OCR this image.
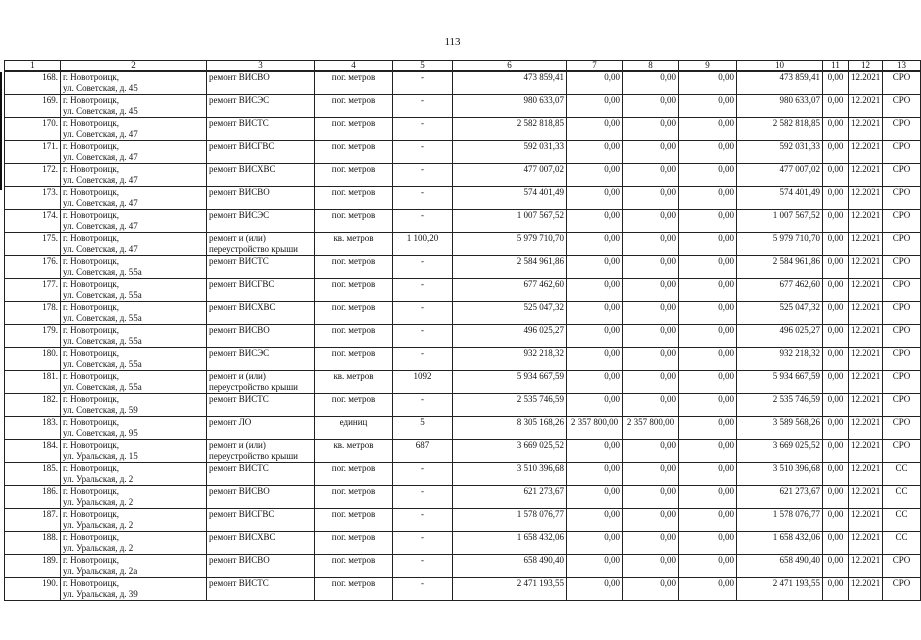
113
1	2	3	4	5	6	7	8	9	10	11	12	13
168.	г. Новотроицк,
ул. Советская, д. 45	ремонт ВИСВО	пог. метров	-	473 859,41	0,00	0,00	0,00	473 859,41	0,00	12.2021	СРО
169.	г. Новотроицк,
ул. Советская, д. 45	ремонт ВИСЭС	пог. метров	-	980 633,07	0,00	0,00	0,00	980 633,07	0,00	12.2021	СРО
170.	г. Новотроицк,
ул. Советская, д. 47	ремонт ВИСТС	пог. метров	-	2 582 818,85	0,00	0,00	0,00	2 582 818,85	0,00	12.2021	СРО
171.	г. Новотроицк,
ул. Советская, д. 47	ремонт ВИСГВС	пог. метров	-	592 031,33	0,00	0,00	0,00	592 031,33	0,00	12.2021	СРО
172.	г. Новотроицк,
ул. Советская, д. 47	ремонт ВИСХВС	пог. метров	-	477 007,02	0,00	0,00	0,00	477 007,02	0,00	12.2021	СРО
173.	г. Новотроицк,
ул. Советская, д. 47	ремонт ВИСВО	пог. метров	-	574 401,49	0,00	0,00	0,00	574 401,49	0,00	12.2021	СРО
174.	г. Новотроицк,
ул. Советская, д. 47	ремонт ВИСЭС	пог. метров	-	1 007 567,52	0,00	0,00	0,00	1 007 567,52	0,00	12.2021	СРО
175.	г. Новотроицк,
ул. Советская, д. 47	ремонт и (или)
переустройство крыши	кв. метров	1 100,20	5 979 710,70	0,00	0,00	0,00	5 979 710,70	0,00	12.2021	СРО
176.	г. Новотроицк,
ул. Советская, д. 55а	ремонт ВИСТС	пог. метров	-	2 584 961,86	0,00	0,00	0,00	2 584 961,86	0,00	12.2021	СРО
177.	г. Новотроицк,
ул. Советская, д. 55а	ремонт ВИСГВС	пог. метров	-	677 462,60	0,00	0,00	0,00	677 462,60	0,00	12.2021	СРО
178.	г. Новотроицк,
ул. Советская, д. 55а	ремонт ВИСХВС	пог. метров	-	525 047,32	0,00	0,00	0,00	525 047,32	0,00	12.2021	СРО
179.	г. Новотроицк,
ул. Советская, д. 55а	ремонт ВИСВО	пог. метров	-	496 025,27	0,00	0,00	0,00	496 025,27	0,00	12.2021	СРО
180.	г. Новотроицк,
ул. Советская, д. 55а	ремонт ВИСЭС	пог. метров	-	932 218,32	0,00	0,00	0,00	932 218,32	0,00	12.2021	СРО
181.	г. Новотроицк,
ул. Советская, д. 55а	ремонт и (или)
переустройство крыши	кв. метров	1092	5 934 667,59	0,00	0,00	0,00	5 934 667,59	0,00	12.2021	СРО
182.	г. Новотроицк,
ул. Советская, д. 59	ремонт ВИСТС	пог. метров	-	2 535 746,59	0,00	0,00	0,00	2 535 746,59	0,00	12.2021	СРО
183.	г. Новотроицк,
ул. Советская, д. 95	ремонт ЛО	единиц	5	8 305 168,26	2 357 800,00	2 357 800,00	0,00	3 589 568,26	0,00	12.2021	СРО
184.	г. Новотроицк,
ул. Уральская, д. 15	ремонт и (или)
переустройство крыши	кв. метров	687	3 669 025,52	0,00	0,00	0,00	3 669 025,52	0,00	12.2021	СРО
185.	г. Новотроицк,
ул. Уральская, д. 2	ремонт ВИСТС	пог. метров	-	3 510 396,68	0,00	0,00	0,00	3 510 396,68	0,00	12.2021	СС
186.	г. Новотроицк,
ул. Уральская, д. 2	ремонт ВИСВО	пог. метров	-	621 273,67	0,00	0,00	0,00	621 273,67	0,00	12.2021	СС
187.	г. Новотроицк,
ул. Уральская, д. 2	ремонт ВИСГВС	пог. метров	-	1 578 076,77	0,00	0,00	0,00	1 578 076,77	0,00	12.2021	СС
188.	г. Новотроицк,
ул. Уральская, д. 2	ремонт ВИСХВС	пог. метров	-	1 658 432,06	0,00	0,00	0,00	1 658 432,06	0,00	12.2021	СС
189.	г. Новотроицк,
ул. Уральская, д. 2а	ремонт ВИСВО	пог. метров	-	658 490,40	0,00	0,00	0,00	658 490,40	0,00	12.2021	СРО
190.	г. Новотроицк,
ул. Уральская, д. 39	ремонт ВИСТС	пог. метров	-	2 471 193,55	0,00	0,00	0,00	2 471 193,55	0,00	12.2021	СРО
